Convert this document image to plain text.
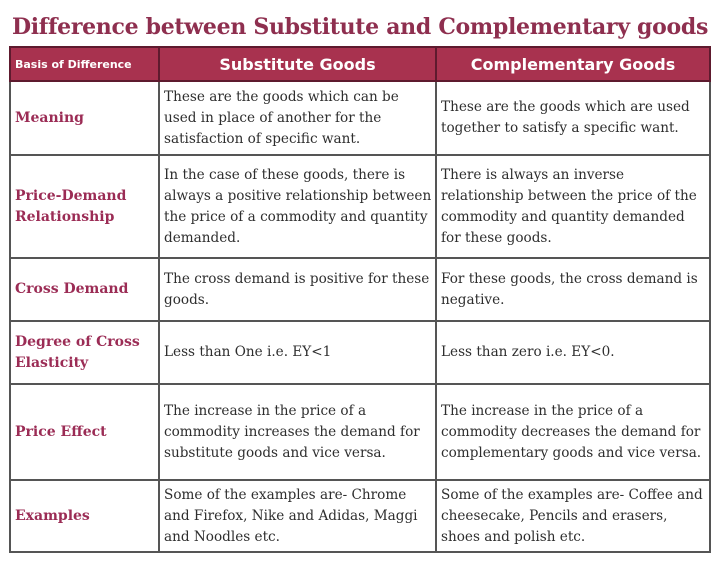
Difference between Substitute and Complementary goods
Basis of Difference	Substitute Goods	Complementary Goods
Meaning	These are the goods which can be used in place of another for the satisfaction of specific want.	These are the goods which are used together to satisfy a specific want.
Price-Demand Relationship	In the case of these goods, there is always a positive relationship between the price of a commodity and quantity demanded.	There is always an inverse relationship between the price of the commodity and quantity demanded for these goods.
Cross Demand	The cross demand is positive for these goods.	For these goods, the cross demand is negative.
Degree of Cross Elasticity	Less than One i.e. EY<1	Less than zero i.e. EY<0.
Price Effect	The increase in the price of a commodity increases the demand for substitute goods and vice versa.	The increase in the price of a commodity decreases the demand for complementary goods and vice versa.
Examples	Some of the examples are- Chrome and Firefox, Nike and Adidas, Maggi and Noodles etc.	Some of the examples are- Coffee and cheesecake, Pencils and erasers, shoes and polish etc.
